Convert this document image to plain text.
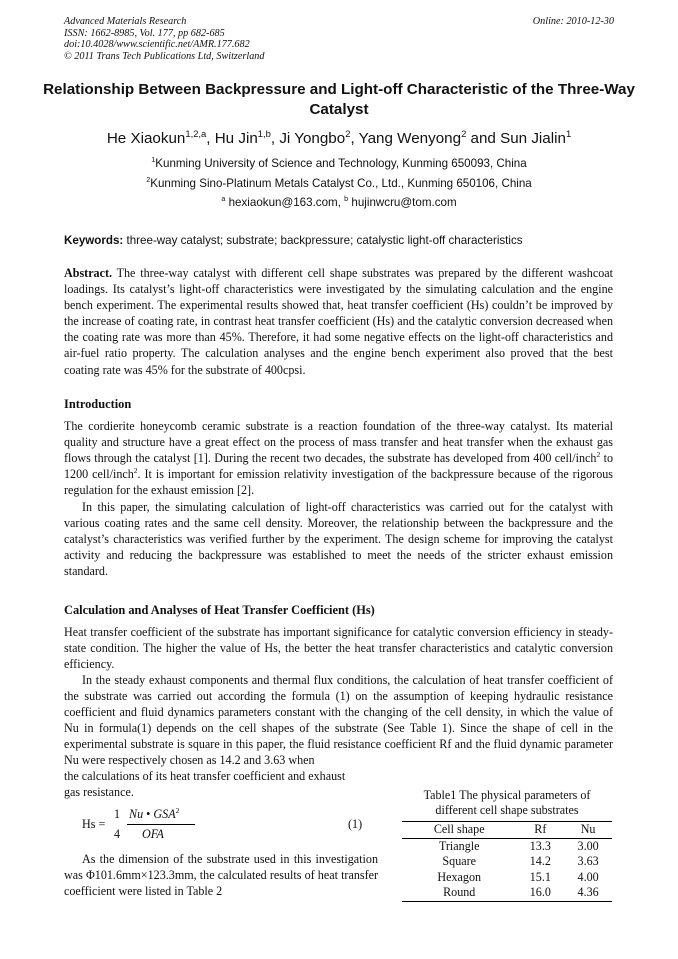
Advanced Materials Research
ISSN: 1662-8985, Vol. 177, pp 682-685
doi:10.4028/www.scientific.net/AMR.177.682
© 2011 Trans Tech Publications Ltd, Switzerland
Online: 2010-12-30
Relationship Between Backpressure and Light-off Characteristic of the Three-Way Catalyst
He Xiaokun$^{1,2,a}$, Hu Jin$^{1,b}$, Ji Yongbo$^2$, Yang Wenyong$^2$ and Sun Jialin$^1$
$^1$Kunming University of Science and Technology, Kunming 650093, China
$^2$Kunming Sino-Platinum Metals Catalyst Co., Ltd., Kunming 650106, China
$^a$ hexiaokun@163.com, $^b$ hujinwcru@tom.com
Keywords: three-way catalyst; substrate; backpressure; catalystic light-off characteristics
Abstract. The three-way catalyst with different cell shape substrates was prepared by the different washcoat loadings. Its catalyst’s light-off characteristics were investigated by the simulating calculation and the engine bench experiment. The experimental results showed that, heat transfer coefficient (Hs) couldn’t be improved by the increase of coating rate, in contrast heat transfer coefficient (Hs) and the catalytic conversion decreased when the coating rate was more than 45%. Therefore, it had some negative effects on the light-off characteristics and air-fuel ratio property. The calculation analyses and the engine bench experiment also proved that the best coating rate was 45% for the substrate of 400cpsi.
Introduction
The cordierite honeycomb ceramic substrate is a reaction foundation of the three-way catalyst. Its material quality and structure have a great effect on the process of mass transfer and heat transfer when the exhaust gas flows through the catalyst [1]. During the recent two decades, the substrate has developed from 400 cell/inch$^2$ to 1200 cell/inch$^2$. It is important for emission relativity investigation of the backpressure because of the rigorous regulation for the exhaust emission [2].
In this paper, the simulating calculation of light-off characteristics was carried out for the catalyst with various coating rates and the same cell density. Moreover, the relationship between the backpressure and the catalyst’s characteristics was verified further by the experiment. The design scheme for improving the catalyst activity and reducing the backpressure was established to meet the needs of the stricter exhaust emission standard.
Calculation and Analyses of Heat Transfer Coefficient (Hs)
Heat transfer coefficient of the substrate has important significance for catalytic conversion efficiency in steady-state condition. The higher the value of Hs, the better the heat transfer characteristics and catalytic conversion efficiency.
In the steady exhaust components and thermal flux conditions, the calculation of heat transfer coefficient of the substrate was carried out according the formula (1) on the assumption of keeping hydraulic resistance coefficient and fluid dynamics parameters constant with the changing of the cell density, in which the value of Nu in formula(1) depends on the cell shapes of the substrate (See Table 1). Since the shape of cell in the experimental substrate is square in this paper, the fluid resistance coefficient Rf and the fluid dynamic parameter Nu were respectively chosen as 14.2 and 3.63 when
the calculations of its heat transfer coefficient and exhaust
gas resistance.
Hs =
1
4
Nu • GSA$^2$
OFA
(1)
As the dimension of the substrate used in this investigation was Φ101.6mm×123.3mm, the calculated results of heat transfer coefficient were listed in Table 2
Table1 The physical parameters of
different cell shape substrates
Cell shape	Rf	Nu
Triangle	13.3	3.00
Square	14.2	3.63
Hexagon	15.1	4.00
Round	16.0	4.36
